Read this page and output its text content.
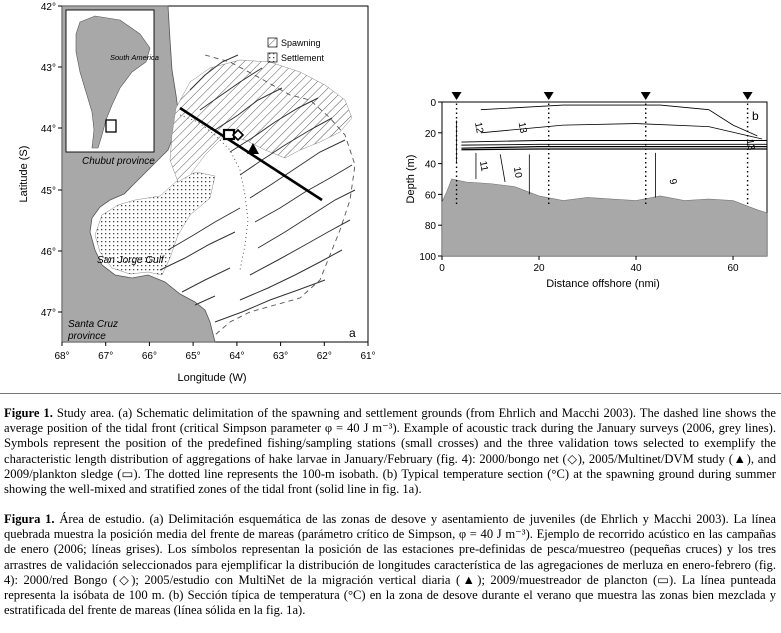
South America
Spawning
Settlement
Chubut province
San Jorge Gulf
Santa Cruz
province	a
68°	67°	66°	65°	64°	63°	62°	61°
42°
43°
44°
45°
46°
47°
Longitude (W)
Latitude (S)
12	13
11 10
9
13
0	20	40	60
0
20
40
60
80
100
b
Distance offshore (nmi)
Depth (m)
Figure 1. Study area. (a) Schematic delimitation of the spawning and settlement grounds (from Ehrlich and Macchi 2003). The dashed line shows the average position of the tidal front (critical Simpson parameter φ = 40 J m⁻³). Example of acoustic track during the January surveys (2006, grey lines). Symbols represent the position of the predefined fishing/sampling stations (small crosses) and the three validation tows selected to exemplify the characteristic length distribution of aggregations of hake larvae in January/February (fig. 4): 2000/bongo net (◇), 2005/Multinet/DVM study (▲), and 2009/plankton sledge (▭). The dotted line represents the 100-m isobath. (b) Typical temperature section (°C) at the spawning ground during summer showing the well-mixed and stratified zones of the tidal front (solid line in fig. 1a).
Figura 1. Área de estudio. (a) Delimitación esquemática de las zonas de desove y asentamiento de juveniles (de Ehrlich y Macchi 2003). La línea quebrada muestra la posición media del frente de mareas (parámetro crítico de Simpson, φ = 40 J m⁻³). Ejemplo de recorrido acústico en las campañas de enero (2006; líneas grises). Los símbolos representan la posición de las estaciones pre-definidas de pesca/muestreo (pequeñas cruces) y los tres arrastres de validación seleccionados para ejemplificar la distribución de longitudes característica de las agregaciones de merluza en enero-febrero (fig. 4): 2000/red Bongo (◇); 2005/estudio con MultiNet de la migración vertical diaria (▲); 2009/muestreador de plancton (▭). La línea punteada representa la isóbata de 100 m. (b) Sección típica de temperatura (°C) en la zona de desove durante el verano que muestra las zonas bien mezclada y estratificada del frente de mareas (línea sólida en la fig. 1a).
